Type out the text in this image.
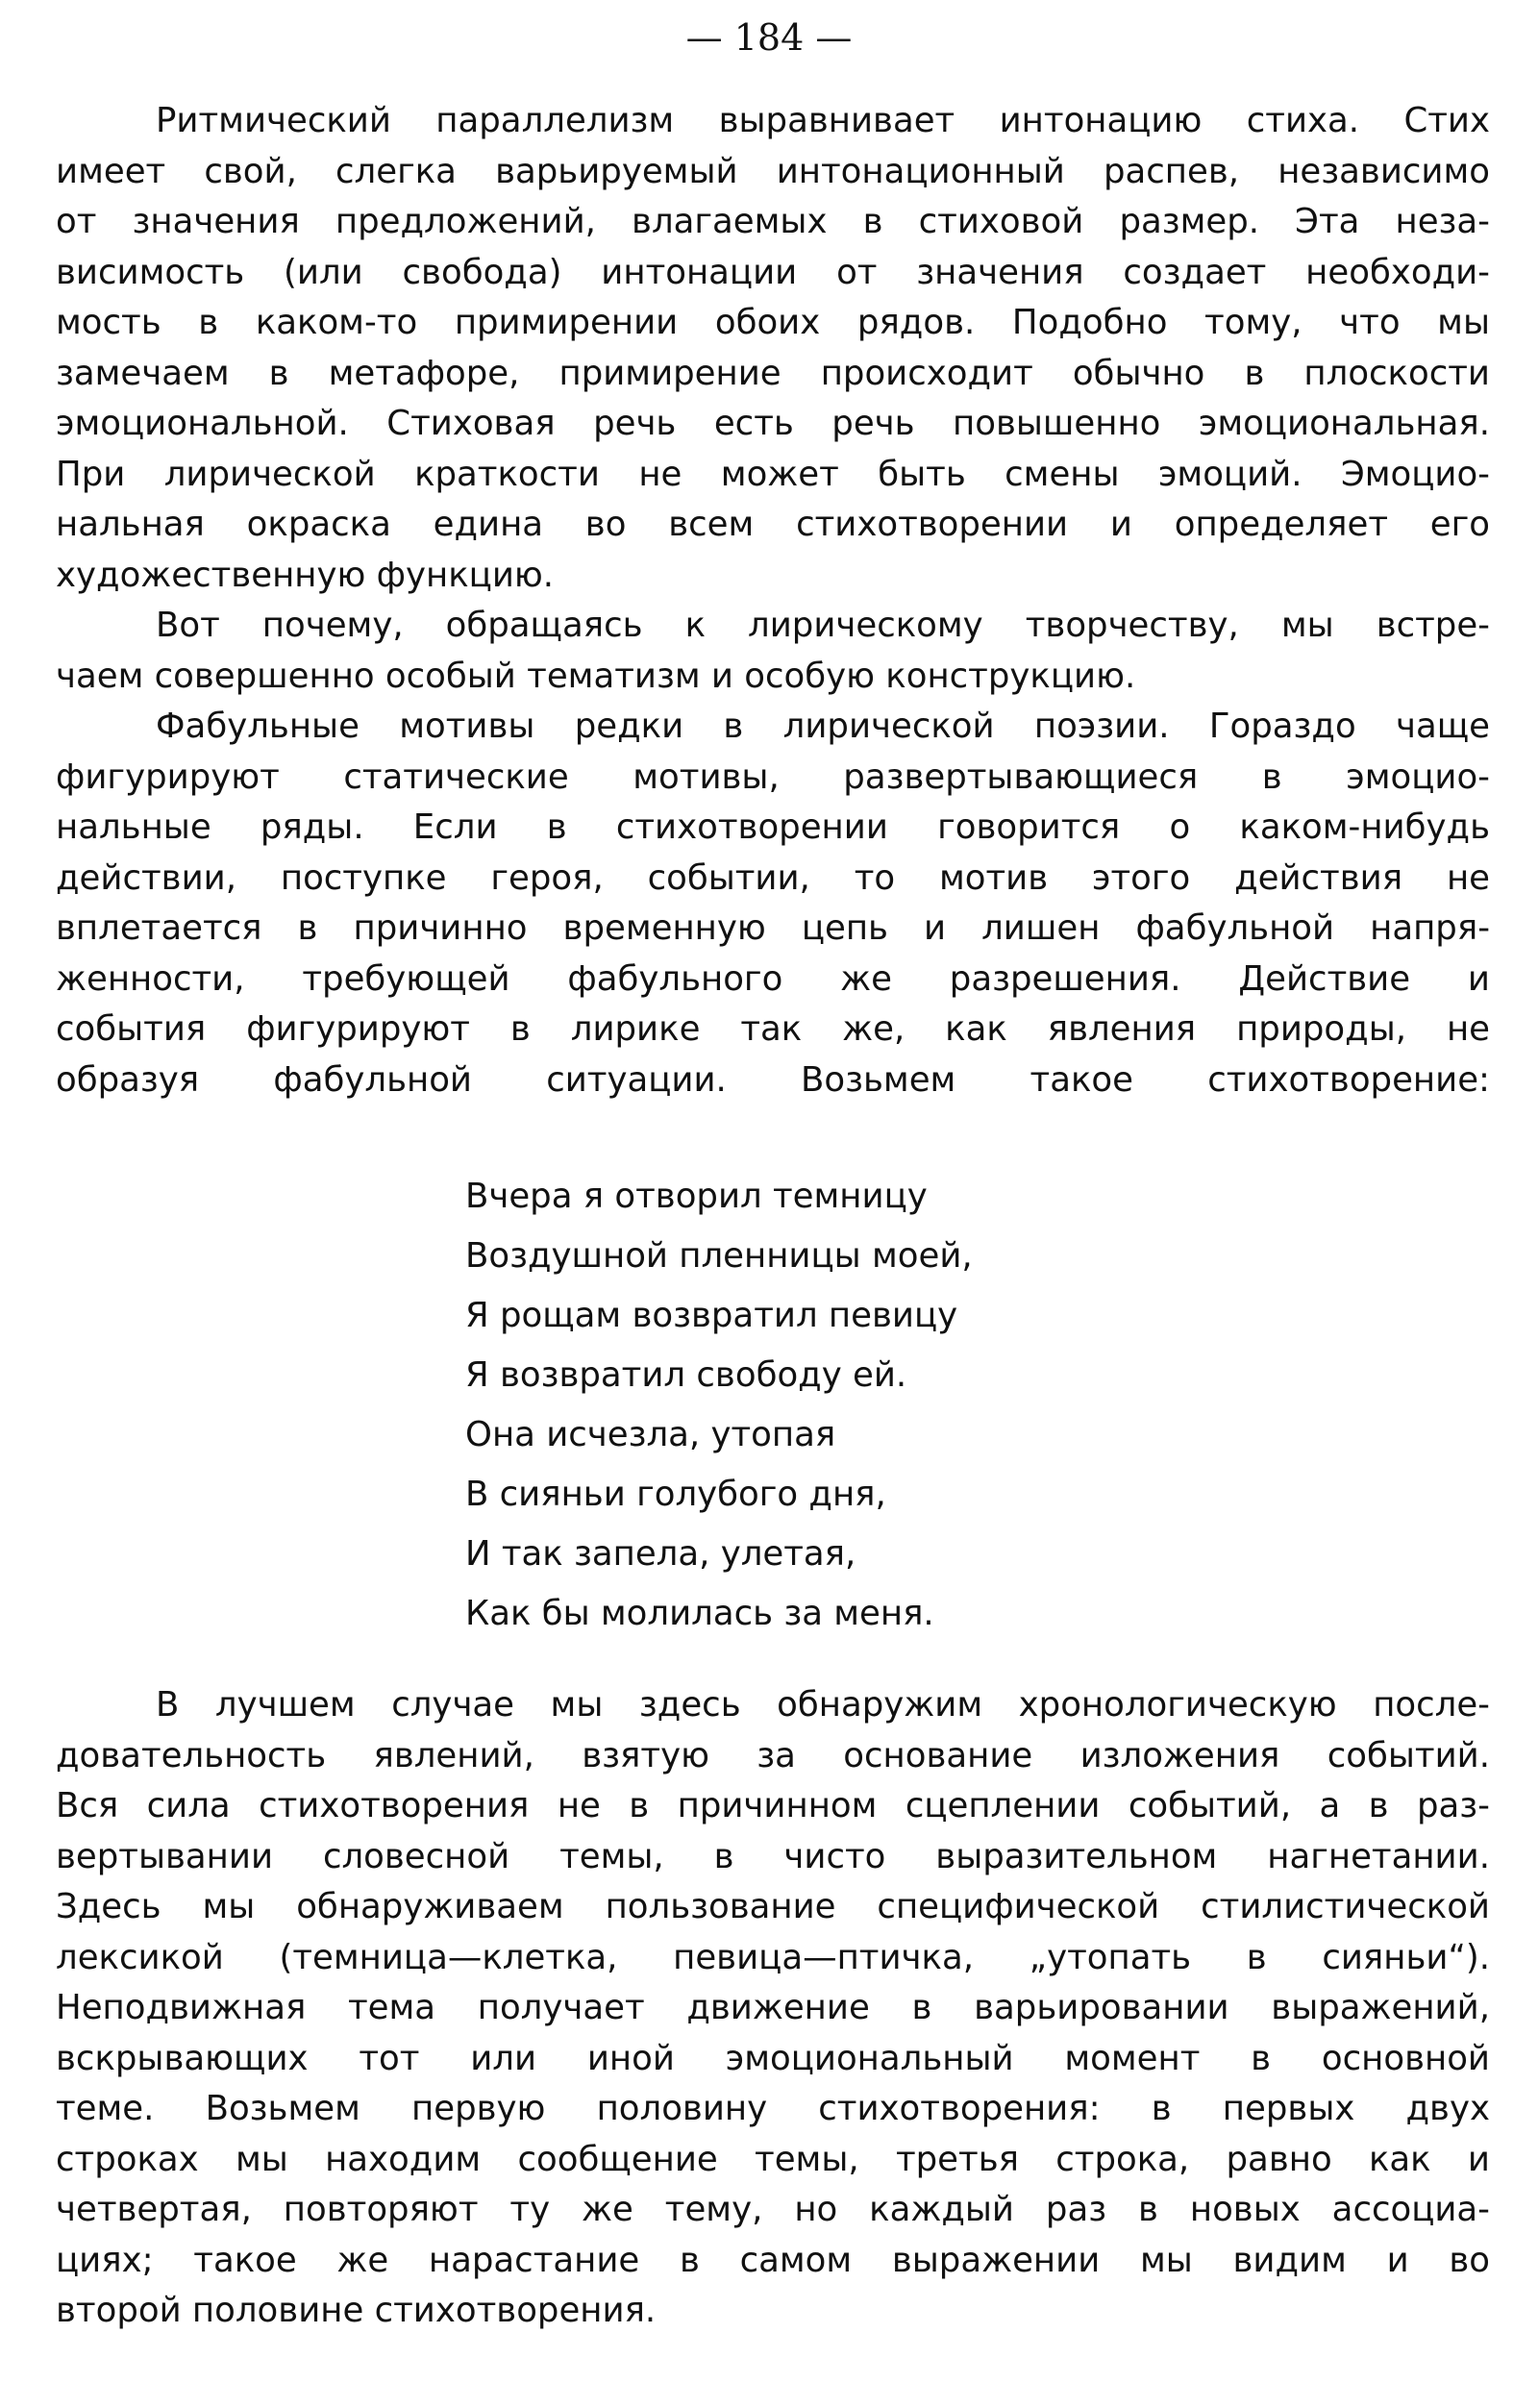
— 184 —
Ритмический параллелизм выравнивает интонацию стиха. Стих
имеет свой, слегка варьируемый интонационный распев, независимо
от значения предложений, влагаемых в стиховой размер. Эта неза-
висимость (или свобода) интонации от значения создает необходи-
мость в каком-то примирении обоих рядов. Подобно тому, что мы
замечаем в метафоре, примирение происходит обычно в плоскости
эмоциональной. Стиховая речь есть речь повышенно эмоциональная.
При лирической краткости не может быть смены эмоций. Эмоцио-
нальная окраска едина во всем стихотворении и определяет его
художественную функцию.
Вот почему, обращаясь к лирическому творчеству, мы встре-
чаем совершенно особый тематизм и особую конструкцию.
Фабульные мотивы редки в лирической поэзии. Гораздо чаще
фигурируют статические мотивы, развертывающиеся в эмоцио-
нальные ряды. Если в стихотворении говорится о каком-нибудь
действии, поступке героя, событии, то мотив этого действия не
вплетается в причинно временную цепь и лишен фабульной напря-
женности, требующей фабульного же разрешения. Действие и
события фигурируют в лирике так же, как явления природы, не
образуя фабульной ситуации. Возьмем такое стихотворение:
Вчера я отворил темницу
Воздушной пленницы моей,
Я рощам возвратил певицу
Я возвратил свободу ей.
Она исчезла, утопая
В сияньи голубого дня,
И так запела, улетая,
Как бы молилась за меня.
В лучшем случае мы здесь обнаружим хронологическую после-
довательность явлений, взятую за основание изложения событий.
Вся сила стихотворения не в причинном сцеплении событий, а в раз-
вертывании словесной темы, в чисто выразительном нагнетании.
Здесь мы обнаруживаем пользование специфической стилистической
лексикой (темница—клетка, певица—птичка, „утопать в сияньи“).
Неподвижная тема получает движение в варьировании выражений,
вскрывающих тот или иной эмоциональный момент в основной
теме. Возьмем первую половину стихотворения: в первых двух
строках мы находим сообщение темы, третья строка, равно как и
четвертая, повторяют ту же тему, но каждый раз в новых ассоциа-
циях; такое же нарастание в самом выражении мы видим и во
второй половине стихотворения.
